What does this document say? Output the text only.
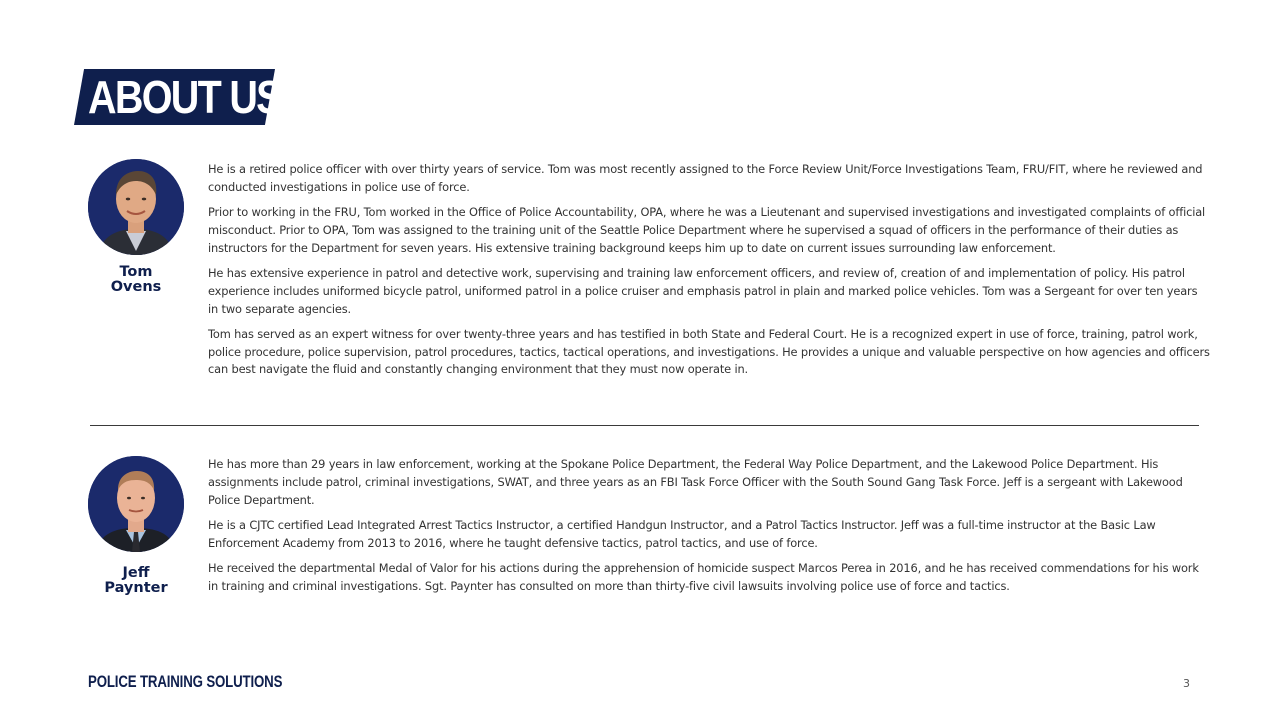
ABOUT US
Tom
Ovens

He is a retired police officer with over thirty years of service. Tom was most recently assigned to the Force Review Unit/Force Investigations Team, FRU/FIT, where he reviewed and conducted investigations in police use of force.

Prior to working in the FRU, Tom worked in the Office of Police Accountability, OPA, where he was a Lieutenant and supervised investigations and investigated complaints of official misconduct. Prior to OPA, Tom was assigned to the training unit of the Seattle Police Department where he supervised a squad of officers in the performance of their duties as instructors for the Department for seven years. His extensive training background keeps him up to date on current issues surrounding law enforcement.

He has extensive experience in patrol and detective work, supervising and training law enforcement officers, and review of, creation of and implementation of policy. His patrol experience includes uniformed bicycle patrol, uniformed patrol in a police cruiser and emphasis patrol in plain and marked police vehicles. Tom was a Sergeant for over ten years in two separate agencies.

Tom has served as an expert witness for over twenty-three years and has testified in both State and Federal Court. He is a recognized expert in use of force, training, patrol work, police procedure, police supervision, patrol procedures, tactics, tactical operations, and investigations. He provides a unique and valuable perspective on how agencies and officers can best navigate the fluid and constantly changing environment that they must now operate in.

Jeff
Paynter

He has more than 29 years in law enforcement, working at the Spokane Police Department, the Federal Way Police Department, and the Lakewood Police Department. His assignments include patrol, criminal investigations, SWAT, and three years as an FBI Task Force Officer with the South Sound Gang Task Force. Jeff is a sergeant with Lakewood Police Department.

He is a CJTC certified Lead Integrated Arrest Tactics Instructor, a certified Handgun Instructor, and a Patrol Tactics Instructor. Jeff was a full-time instructor at the Basic Law Enforcement Academy from 2013 to 2016, where he taught defensive tactics, patrol tactics, and use of force.

He received the departmental Medal of Valor for his actions during the apprehension of homicide suspect Marcos Perea in 2016, and he has received commendations for his work in training and criminal investigations. Sgt. Paynter has consulted on more than thirty-five civil lawsuits involving police use of force and tactics.

POLICE TRAINING SOLUTIONS	3
